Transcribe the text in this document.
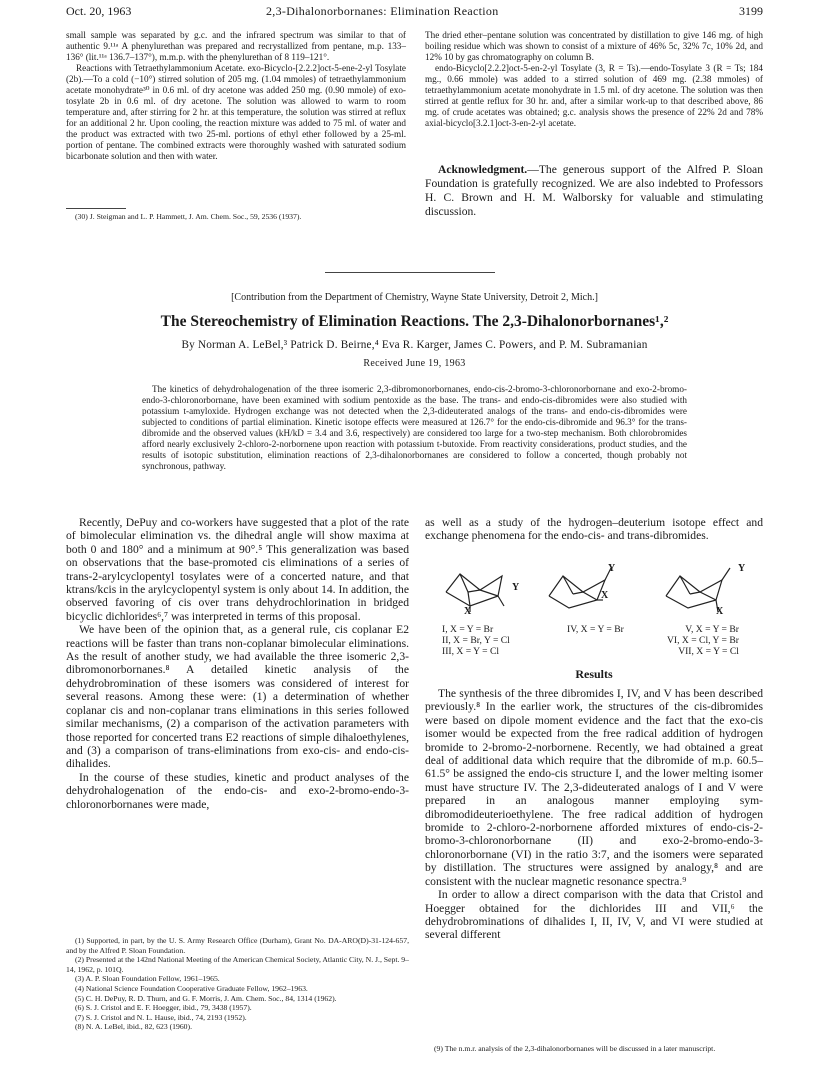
Oct. 20, 1963	2,3-Dihalonorbornanes: Elimination Reaction	3199

small sample was separated by g.c. and the infrared spectrum was similar to that of authentic 9.¹¹ᵃ A phenylurethan was prepared and recrystallized from pentane, m.p. 133–136° (lit.¹¹ᵃ 136.7–137°), m.m.p. with the phenylurethan of 8 119–121°.

Reactions with Tetraethylammonium Acetate. exo-Bicyclo-[2.2.2]oct-5-ene-2-yl Tosylate (2b).—To a cold (−10°) stirred solution of 205 mg. (1.04 mmoles) of tetraethylammonium acetate monohydrate³⁰ in 0.6 ml. of dry acetone was added 250 mg. (0.90 mmole) of exo-tosylate 2b in 0.6 ml. of dry acetone. The solution was allowed to warm to room temperature and, after stirring for 2 hr. at this temperature, the solution was stirred at reflux for an additional 2 hr. Upon cooling, the reaction mixture was added to 75 ml. of water and the product was extracted with two 25-ml. portions of ethyl ether followed by a 25-ml. portion of pentane. The combined extracts were thoroughly washed with saturated sodium bicarbonate solution and then with water.

(30) J. Steigman and L. P. Hammett, J. Am. Chem. Soc., 59, 2536 (1937).

The dried ether–pentane solution was concentrated by distillation to give 146 mg. of high boiling residue which was shown to consist of a mixture of 46% 5c, 32% 7c, 10% 2d, and 12% 10 by gas chromatography on column B.

endo-Bicyclo[2.2.2]oct-5-en-2-yl Tosylate (3, R = Ts).—endo-Tosylate 3 (R = Ts; 184 mg., 0.66 mmole) was added to a stirred solution of 469 mg. (2.38 mmoles) of tetraethylammonium acetate monohydrate in 1.5 ml. of dry acetone. The solution was then stirred at gentle reflux for 30 hr. and, after a similar work-up to that described above, 86 mg. of crude acetates was obtained; g.c. analysis shows the presence of 22% 2d and 78% axial-bicyclo[3.2.1]oct-3-en-2-yl acetate.

Acknowledgment.—The generous support of the Alfred P. Sloan Foundation is gratefully recognized. We are also indebted to Professors H. C. Brown and H. M. Walborsky for valuable and stimulating discussion.

[Contribution from the Department of Chemistry, Wayne State University, Detroit 2, Mich.]
The Stereochemistry of Elimination Reactions. The 2,3-Dihalonorbornanes¹,²
By Norman A. LeBel,³ Patrick D. Beirne,⁴ Eva R. Karger, James C. Powers, and P. M. Subramanian
Received June 19, 1963
The kinetics of dehydrohalogenation of the three isomeric 2,3-dibromonorbornanes, endo-cis-2-bromo-3-chloronorbornane and exo-2-bromo-endo-3-chloronorbornane, have been examined with sodium pentoxide as the base. The trans- and endo-cis-dibromides were also studied with potassium t-amyloxide. Hydrogen exchange was not detected when the 2,3-dideuterated analogs of the trans- and endo-cis-dibromides were subjected to conditions of partial elimination. Kinetic isotope effects were measured at 126.7° for the endo-cis-dibromide and 96.3° for the trans-dibromide and the observed values (kH/kD = 3.4 and 3.6, respectively) are considered too large for a two-step mechanism. Both chlorobromides afford nearly exclusively 2-chloro-2-norbornene upon reaction with potassium t-butoxide. From reactivity considerations, product studies, and the results of isotopic substitution, elimination reactions of 2,3-dihalonorbornanes are considered to follow a concerted, though probably not synchronous, pathway.

Recently, DePuy and co-workers have suggested that a plot of the rate of bimolecular elimination vs. the dihedral angle will show maxima at both 0 and 180° and a minimum at 90°.⁵ This generalization was based on observations that the base-promoted cis eliminations of a series of trans-2-arylcyclopentyl tosylates were of a concerted nature, and that ktrans/kcis in the arylcyclopentyl system is only about 14. In addition, the observed favoring of cis over trans dehydrochlorination in bridged bicyclic dichlorides⁶,⁷ was interpreted in terms of this proposal.

We have been of the opinion that, as a general rule, cis coplanar E2 reactions will be faster than trans non-coplanar bimolecular eliminations. As the result of another study, we had available the three isomeric 2,3-dibromonorbornanes.⁸ A detailed kinetic analysis of the dehydrobromination of these isomers was considered of interest for several reasons. Among these were: (1) a determination of whether coplanar cis and non-coplanar trans eliminations in this series followed similar mechanisms, (2) a comparison of the activation parameters with those reported for concerted trans E2 reactions of simple dihaloethylenes, and (3) a comparison of trans-eliminations from exo-cis- and endo-cis-dihalides.

In the course of these studies, kinetic and product analyses of the dehydrohalogenation of the endo-cis- and exo-2-bromo-endo-3-chloronorbornanes were made,

(1) Supported, in part, by the U. S. Army Research Office (Durham), Grant No. DA-ARO(D)-31-124-657, and by the Alfred P. Sloan Foundation.

(2) Presented at the 142nd National Meeting of the American Chemical Society, Atlantic City, N. J., Sept. 9–14, 1962, p. 101Q.

(3) A. P. Sloan Foundation Fellow, 1961–1965.

(4) National Science Foundation Cooperative Graduate Fellow, 1962–1963.

(5) C. H. DePuy, R. D. Thurn, and G. F. Morris, J. Am. Chem. Soc., 84, 1314 (1962).

(6) S. J. Cristol and E. F. Hoegger, ibid., 79, 3438 (1957).

(7) S. J. Cristol and N. L. Hause, ibid., 74, 2193 (1952).

(8) N. A. LeBel, ibid., 82, 623 (1960).

as well as a study of the hydrogen–deuterium isotope effect and exchange phenomena for the endo-cis- and trans-dibromides.

Y
X
Y
X
Y
X
I, X = Y = Br
II, X = Br, Y = Cl
III, X = Y = Cl
IV, X = Y = Br	V, X = Y = Br
VI, X = Cl, Y = Br
VII, X = Y = Cl
Results

The synthesis of the three dibromides I, IV, and V has been described previously.⁸ In the earlier work, the structures of the cis-dibromides were based on dipole moment evidence and the fact that the exo-cis isomer would be expected from the free radical addition of hydrogen bromide to 2-bromo-2-norbornene. Recently, we had obtained a great deal of additional data which require that the dibromide of m.p. 60.5–61.5° be assigned the endo-cis structure I, and the lower melting isomer must have structure IV. The 2,3-dideuterated analogs of I and V were prepared in an analogous manner employing sym-dibromodideuterioethylene. The free radical addition of hydrogen bromide to 2-chloro-2-norbornene afforded mixtures of endo-cis-2-bromo-3-chloronorbornane (II) and exo-2-bromo-endo-3-chloronorbornane (VI) in the ratio 3:7, and the isomers were separated by distillation. The structures were assigned by analogy,⁸ and are consistent with the nuclear magnetic resonance spectra.⁹

In order to allow a direct comparison with the data that Cristol and Hoegger obtained for the dichlorides III and VII,⁶ the dehydrobrominations of dihalides I, II, IV, V, and VI were studied at several different

(9) The n.m.r. analysis of the 2,3-dihalonorbornanes will be discussed in a later manuscript.
